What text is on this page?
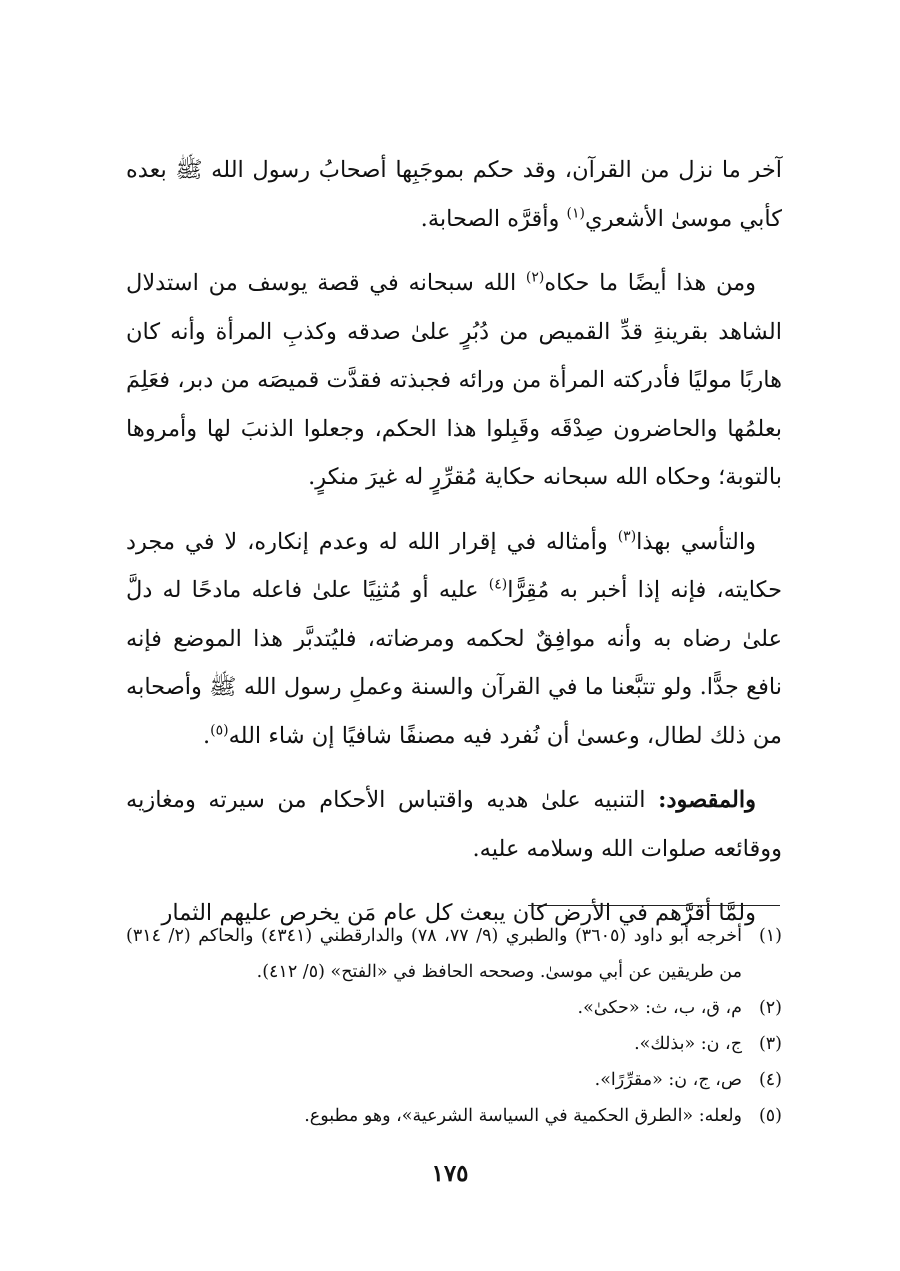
آخر ما نزل من القرآن، وقد حكم بموجَبِها أصحابُ رسول الله ﷺ بعده كأبي موسىٰ الأشعري$^{(١)}$ وأقرَّه الصحابة.

ومن هذا أيضًا ما حكاه$^{(٢)}$ الله سبحانه في قصة يوسف من استدلال الشاهد بقرينةِ قدِّ القميص من دُبُرٍ علىٰ صدقه وكذبِ المرأة وأنه كان هاربًا موليًا فأدركته المرأة من ورائه فجبذته فقدَّت قميصَه من دبر، فعَلِمَ بعلمُها والحاضرون صِدْقَه وقَبِلوا هذا الحكم، وجعلوا الذنبَ لها وأمروها بالتوبة؛ وحكاه الله سبحانه حكاية مُقرِّرٍ له غيرَ منكرٍ.

والتأسي بهذا$^{(٣)}$ وأمثاله في إقرار الله له وعدم إنكاره، لا في مجرد حكايته، فإنه إذا أخبر به مُقِرًّا$^{(٤)}$ عليه أو مُثنِيًا علىٰ فاعله مادحًا له دلَّ علىٰ رضاه به وأنه موافِقٌ لحكمه ومرضاته، فليُتدبَّر هذا الموضع فإنه نافع جدًّا. ولو تتبَّعنا ما في القرآن والسنة وعملِ رسول الله ﷺ وأصحابه من ذلك لطال، وعسىٰ أن نُفرد فيه مصنفًا شافيًا إن شاء الله$^{(٥)}$.

والمقصود: التنبيه علىٰ هديه واقتباس الأحكام من سيرته ومغازيه ووقائعه صلوات الله وسلامه عليه.

ولمَّا أقرَّهم في الأرض كان يبعث كل عام مَن يخرص عليهم الثمار

(١)
أخرجه أبو داود (٣٦٠٥) والطبري (٩/ ٧٧، ٧٨) والدارقطني (٤٣٤١) والحاكم (٢/ ٣١٤) من طريقين عن أبي موسىٰ. وصححه الحافظ في «الفتح» (٥/ ٤١٢).
(٢)
م، ق، ب، ث: «حكىٰ».
(٣)
ج، ن: «بذلك».
(٤)
ص، ج، ن: «مقرِّرًا».
(٥)
ولعله: «الطرق الحكمية في السياسة الشرعية»، وهو مطبوع.
١٧٥
